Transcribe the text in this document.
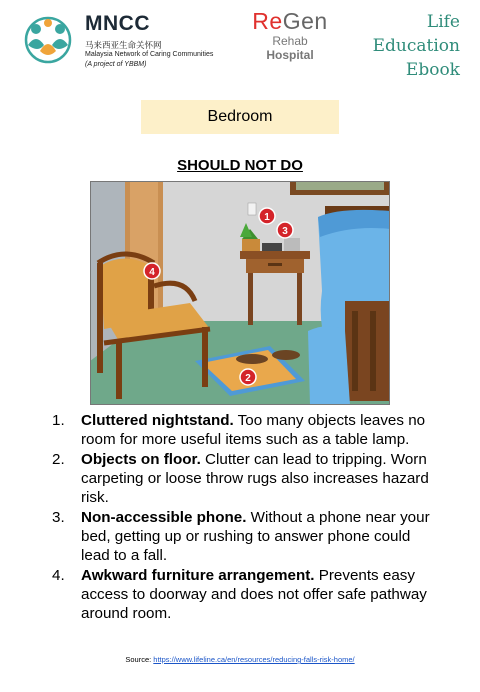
MNCC
马来西亚生命关怀网
Malaysia Network of Caring Communities
(A project of YBBM)
ReGen
Rehab
Hospital
Life Education
Ebook
Bedroom
SHOULD NOT DO
1
3
4
2
1.	Cluttered nightstand. Too many objects leaves no room for more useful items such as a table lamp.
2.	Objects on floor. Clutter can lead to tripping. Worn carpeting or loose throw rugs also increases hazard risk.
3.	Non-accessible phone. Without a phone near your bed, getting up or rushing to answer phone could lead to a fall.
4.	Awkward furniture arrangement. Prevents easy access to doorway and does not offer safe pathway around room.
Source: https://www.lifeline.ca/en/resources/reducing-falls-risk-home/
